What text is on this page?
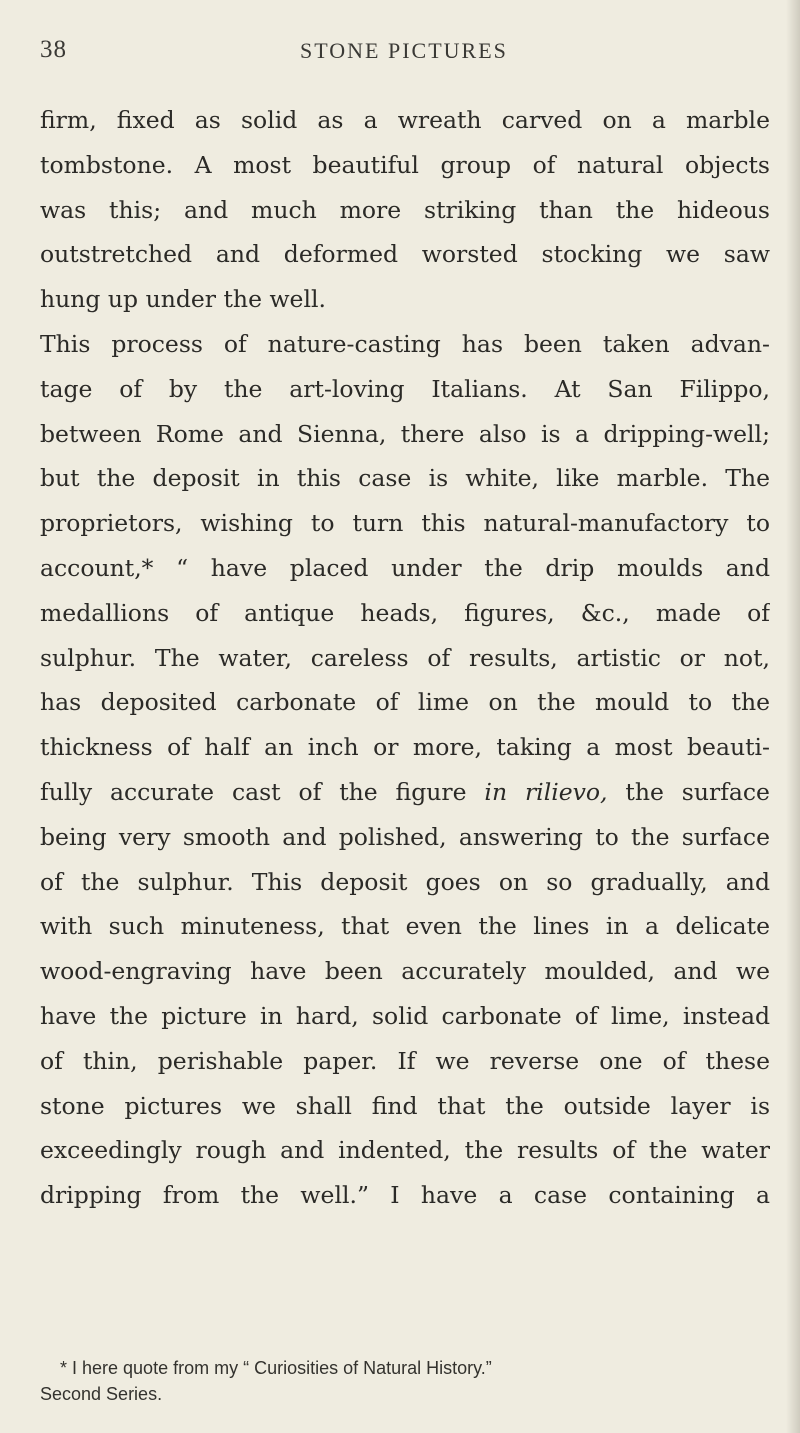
38	STONE PICTURES
firm, fixed as solid as a wreath carved on a marble
tombstone. A most beautiful group of natural objects
was this; and much more striking than the hideous
outstretched and deformed worsted stocking we saw
hung up under the well.
This process of nature-casting has been taken advan-
tage of by the art-loving Italians. At San Filippo,
between Rome and Sienna, there also is a dripping-well;
but the deposit in this case is white, like marble. The
proprietors, wishing to turn this natural-manufactory to
account,* “ have placed under the drip moulds and
medallions of antique heads, figures, &c., made of
sulphur. The water, careless of results, artistic or not,
has deposited carbonate of lime on the mould to the
thickness of half an inch or more, taking a most beauti-
fully accurate cast of the figure in rilievo, the surface
being very smooth and polished, answering to the surface
of the sulphur. This deposit goes on so gradually, and
with such minuteness, that even the lines in a delicate
wood-engraving have been accurately moulded, and we
have the picture in hard, solid carbonate of lime, instead
of thin, perishable paper. If we reverse one of these
stone pictures we shall find that the outside layer is
exceedingly rough and indented, the results of the water
dripping from the well.” I have a case containing a
* I here quote from my “ Curiosities of Natural History.”
Second Series.
